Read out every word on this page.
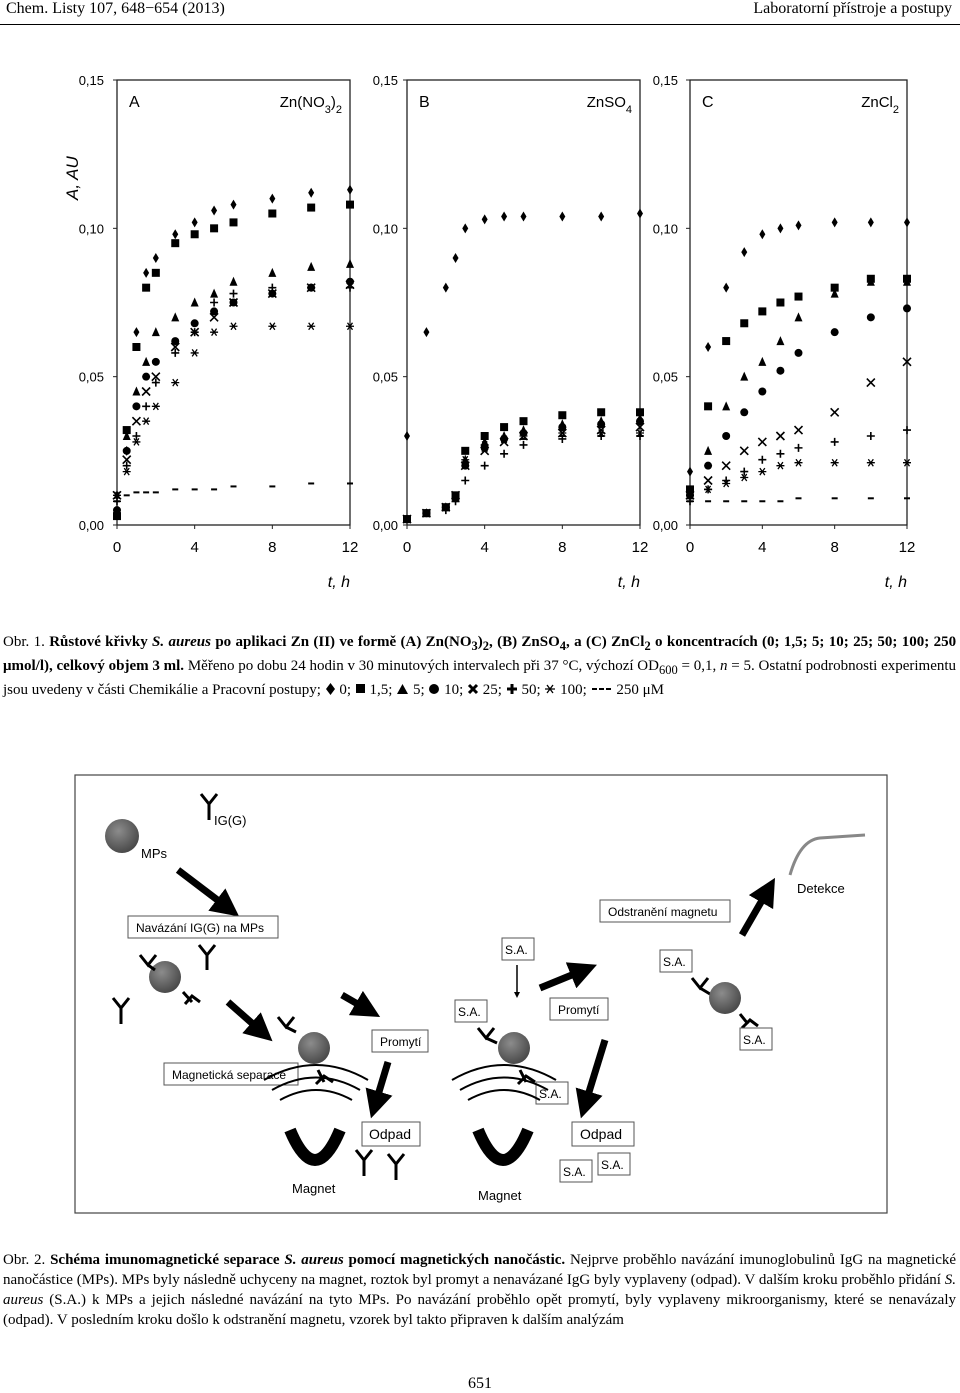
Chem. Listy 107, 648−654 (2013)	Laboratorní přístroje a postupy
A, AU
0,00
0,05
0,10
0,15
0	4	8	12
t, h
A	$Zn(NO_3)_2$
0,00
0,05
0,10
0,15
0	4	8	12
t, h
B	ZnSO$_4$
0,00
0,05
0,10
0,15
0	4	8	12
t, h
C	ZnCl$_2$
Obr. 1. Růstové křivky S. aureus po aplikaci Zn (II) ve formě (A) $Zn(NO_3)_2$, (B) ZnSO$_4$, a (C) ZnCl$_2$ o koncentracích (0; 1,5; 5; 10; 25; 50; 100; 250 μmol/l), celkový objem 3 ml. Měřeno po dobu 24 hodin v 30 minutových intervalech při 37 °C, výchozí $OD_{600} = 0,1$, n = 5. Ostatní podrobnosti experimentu jsou uvedeny v části Chemikálie a Pracovní postupy; 0; 1,5; 5; 10; 25; 50; 100; 250 μM
IG(G)
MPs
Navázání IG(G) na MPs
Magnetická separace
Magnet
Promytí
Odpad
S.A.
S.A.
S.A.
Magnet
Promytí
Odpad
S.A. S.A.
Odstranění magnetu
S.A.
S.A.
Detekce
Obr. 2. Schéma imunomagnetické separace S. aureus pomocí magnetických nanočástic. Nejprve proběhlo navázání imunoglobulinů IgG na magnetické nanočástice (MPs). MPs byly následně uchyceny na magnet, roztok byl promyt a nenavázané IgG byly vyplaveny (odpad). V dalším kroku proběhlo přidání S. aureus (S.A.) k MPs a jejich následné navázání na tyto MPs. Po navázání proběhlo opět promytí, byly vyplaveny mikroorganismy, které se nenavázaly (odpad). V posledním kroku došlo k odstranění magnetu, vzorek byl takto připraven k dalším analýzám
651
